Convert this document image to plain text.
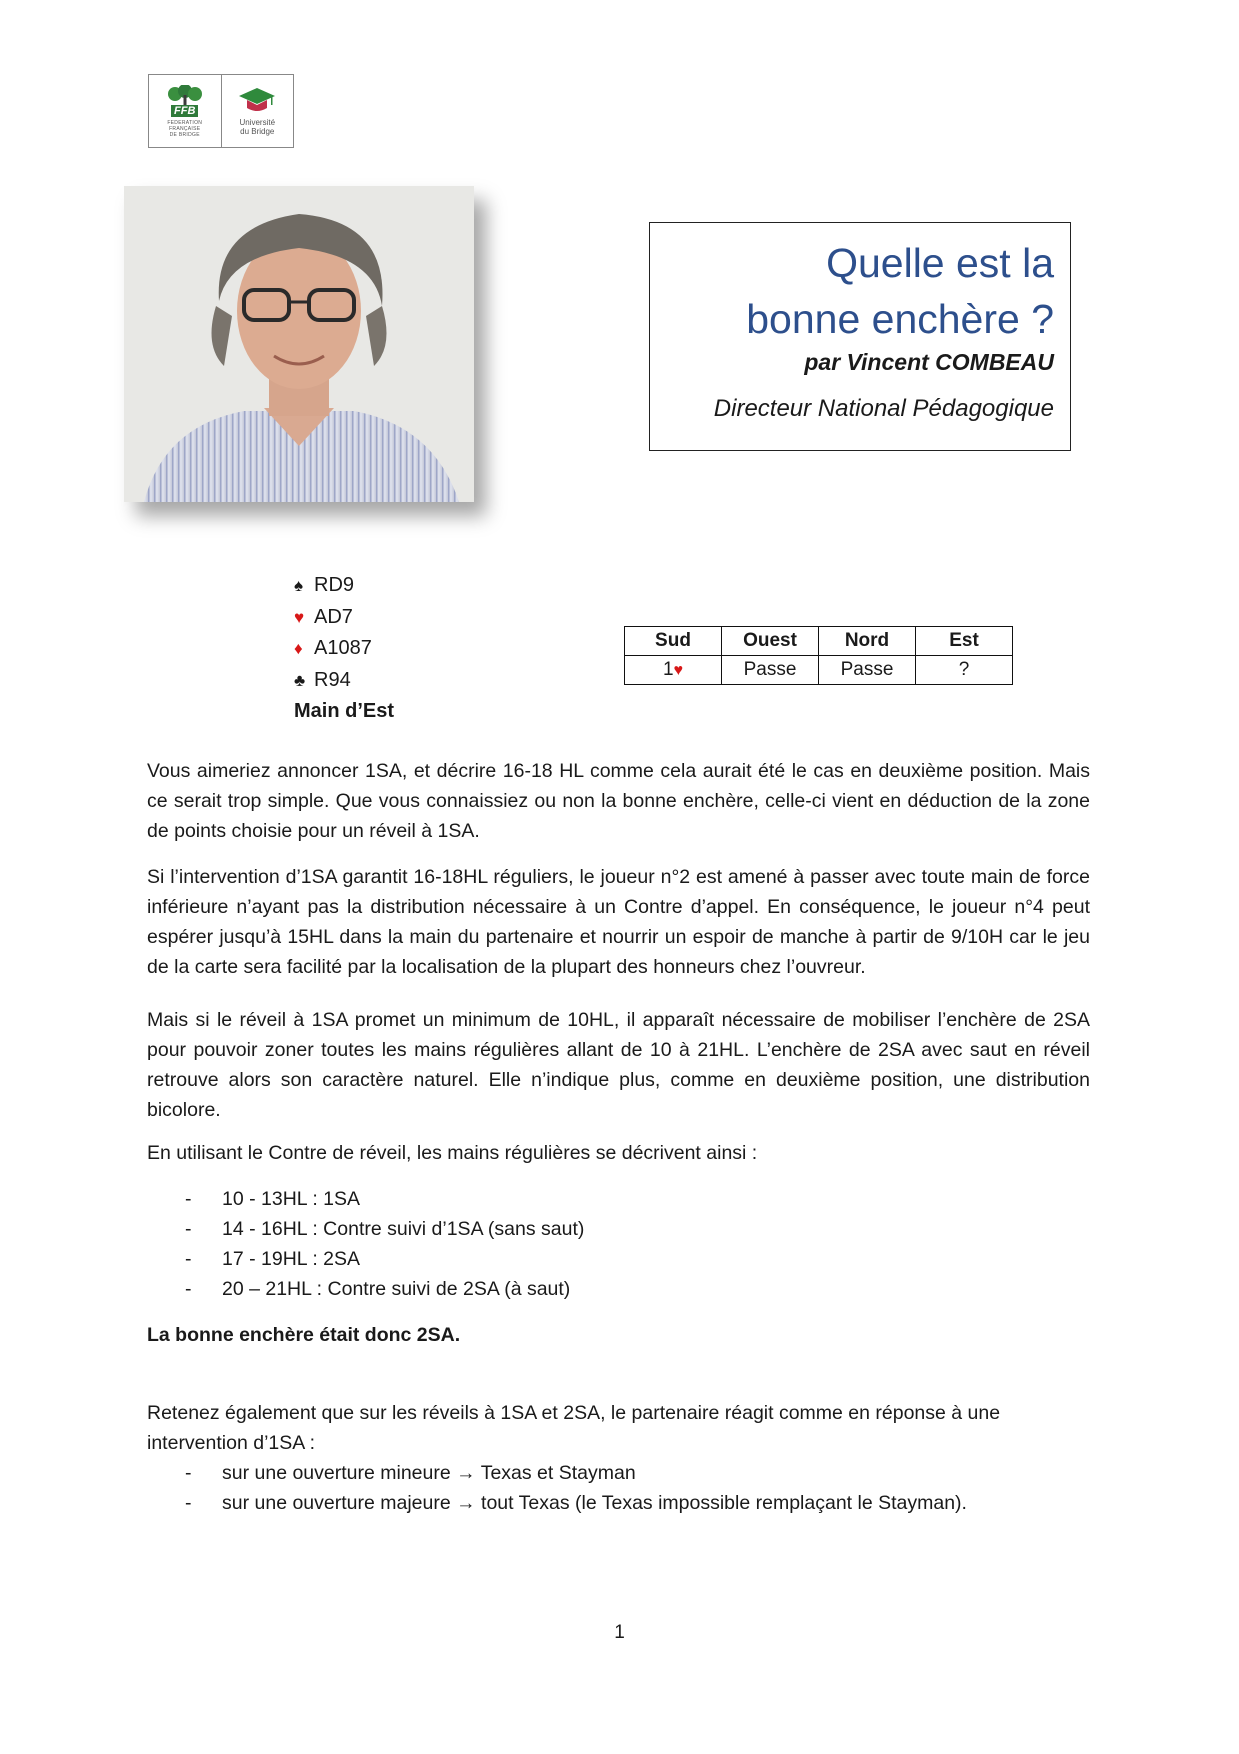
FFB
FEDERATION
FRANÇAISE
DE BRIDGE
Université
du Bridge
Quelle est la
bonne enchère ?
par Vincent COMBEAU
Directeur National Pédagogique
♠ RD9
♥ AD7
♦ A1087
♣ R94
Main d’Est
Sud	Ouest	Nord	Est
1♥	Passe	Passe	?
Vous aimeriez annoncer 1SA, et décrire 16-18 HL comme cela aurait été le cas en deuxième position. Mais ce serait trop simple. Que vous connaissiez ou non la bonne enchère, celle-ci vient en déduction de la zone de points choisie pour un réveil à 1SA.
Si l’intervention d’1SA garantit 16-18HL réguliers, le joueur n°2 est amené à passer avec toute main de force inférieure n’ayant pas la distribution nécessaire à un Contre d’appel. En conséquence, le joueur n°4 peut espérer jusqu’à 15HL dans la main du partenaire et nourrir un espoir de manche à partir de 9/10H car le jeu de la carte sera facilité par la localisation de la plupart des honneurs chez l’ouvreur.
Mais si le réveil à 1SA promet un minimum de 10HL, il apparaît nécessaire de mobiliser l’enchère de 2SA pour pouvoir zoner toutes les mains régulières allant de 10 à 21HL. L’enchère de 2SA avec saut en réveil retrouve alors son caractère naturel. Elle n’indique plus, comme en deuxième position, une distribution bicolore.
En utilisant le Contre de réveil, les mains régulières se décrivent ainsi :
- 10 - 13HL : 1SA
- 14 - 16HL : Contre suivi d’1SA (sans saut)
- 17 - 19HL : 2SA
- 20 – 21HL : Contre suivi de 2SA (à saut)
La bonne enchère était donc 2SA.
Retenez également que sur les réveils à 1SA et 2SA, le partenaire réagit comme en réponse à une intervention d’1SA :
- sur une ouverture mineure → Texas et Stayman
- sur une ouverture majeure → tout Texas (le Texas impossible remplaçant le Stayman).
1
